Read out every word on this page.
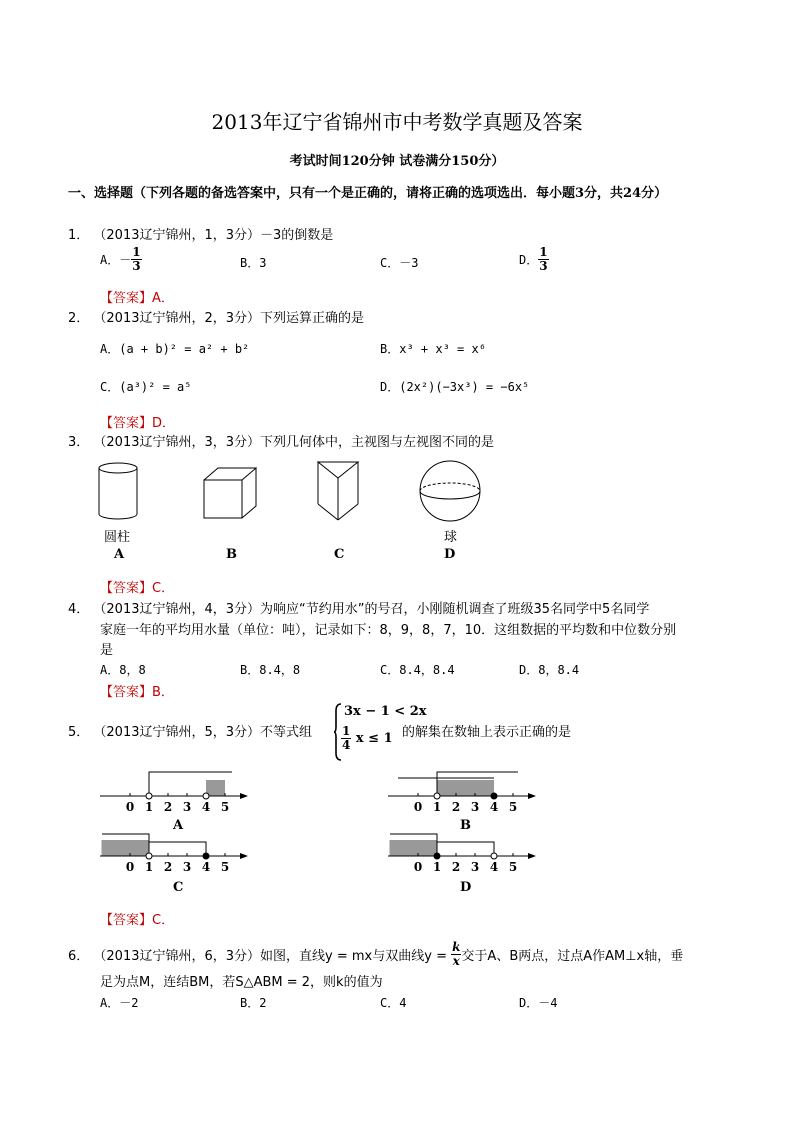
2013年辽宁省锦州市中考数学真题及答案
考试时间120分钟 试卷满分150分）
一、选择题（下列各题的备选答案中，只有一个是正确的，请将正确的选项选出．每小题3分，共24分）
1． （2013辽宁锦州，1，3分）－3的倒数是
A．－ $\frac{1}{3}$	B．3	C．－3	D． $\frac{1}{3}$
【答案】A．
2． （2013辽宁锦州，2，3分）下列运算正确的是
A．(a + b)² = a² + b²	B．x³ + x³ = x⁶
C．(a³)² = a⁵	D．(2x²)(−3x³) = −6x⁵
【答案】D．
3． （2013辽宁锦州，3，3分）下列几何体中，主视图与左视图不同的是
圆柱	球
A	B	C	D
【答案】C．
4． （2013辽宁锦州，4，3分）为响应“节约用水”的号召，小刚随机调查了班级35名同学中5名同学
家庭一年的平均用水量（单位：吨），记录如下：8，9，8，7，10．这组数据的平均数和中位数分别
是
A．8，8	B．8.4，8	C．8.4，8.4	D．8，8.4
【答案】B．
5． （2013辽宁锦州，5，3分）不等式组
3x − 1 < 2x
$\frac{1}{4}$ x ≤ 1 的解集在数轴上表示正确的是
0 1 2 3 4 5	0 1 2 3 4 5
0 1 2 3 4 5	0 1 2 3 4 5
A	B
C	D
【答案】C．
6． （2013辽宁锦州，6，3分）如图，直线y = mx与双曲线$y = \frac{k}{x}$ 交于A、B两点，过点A作AM⊥x轴，垂
足为点M，连结BM，若S△ABM = 2，则k的值为
A．－2	B．2	C．4	D．－4
